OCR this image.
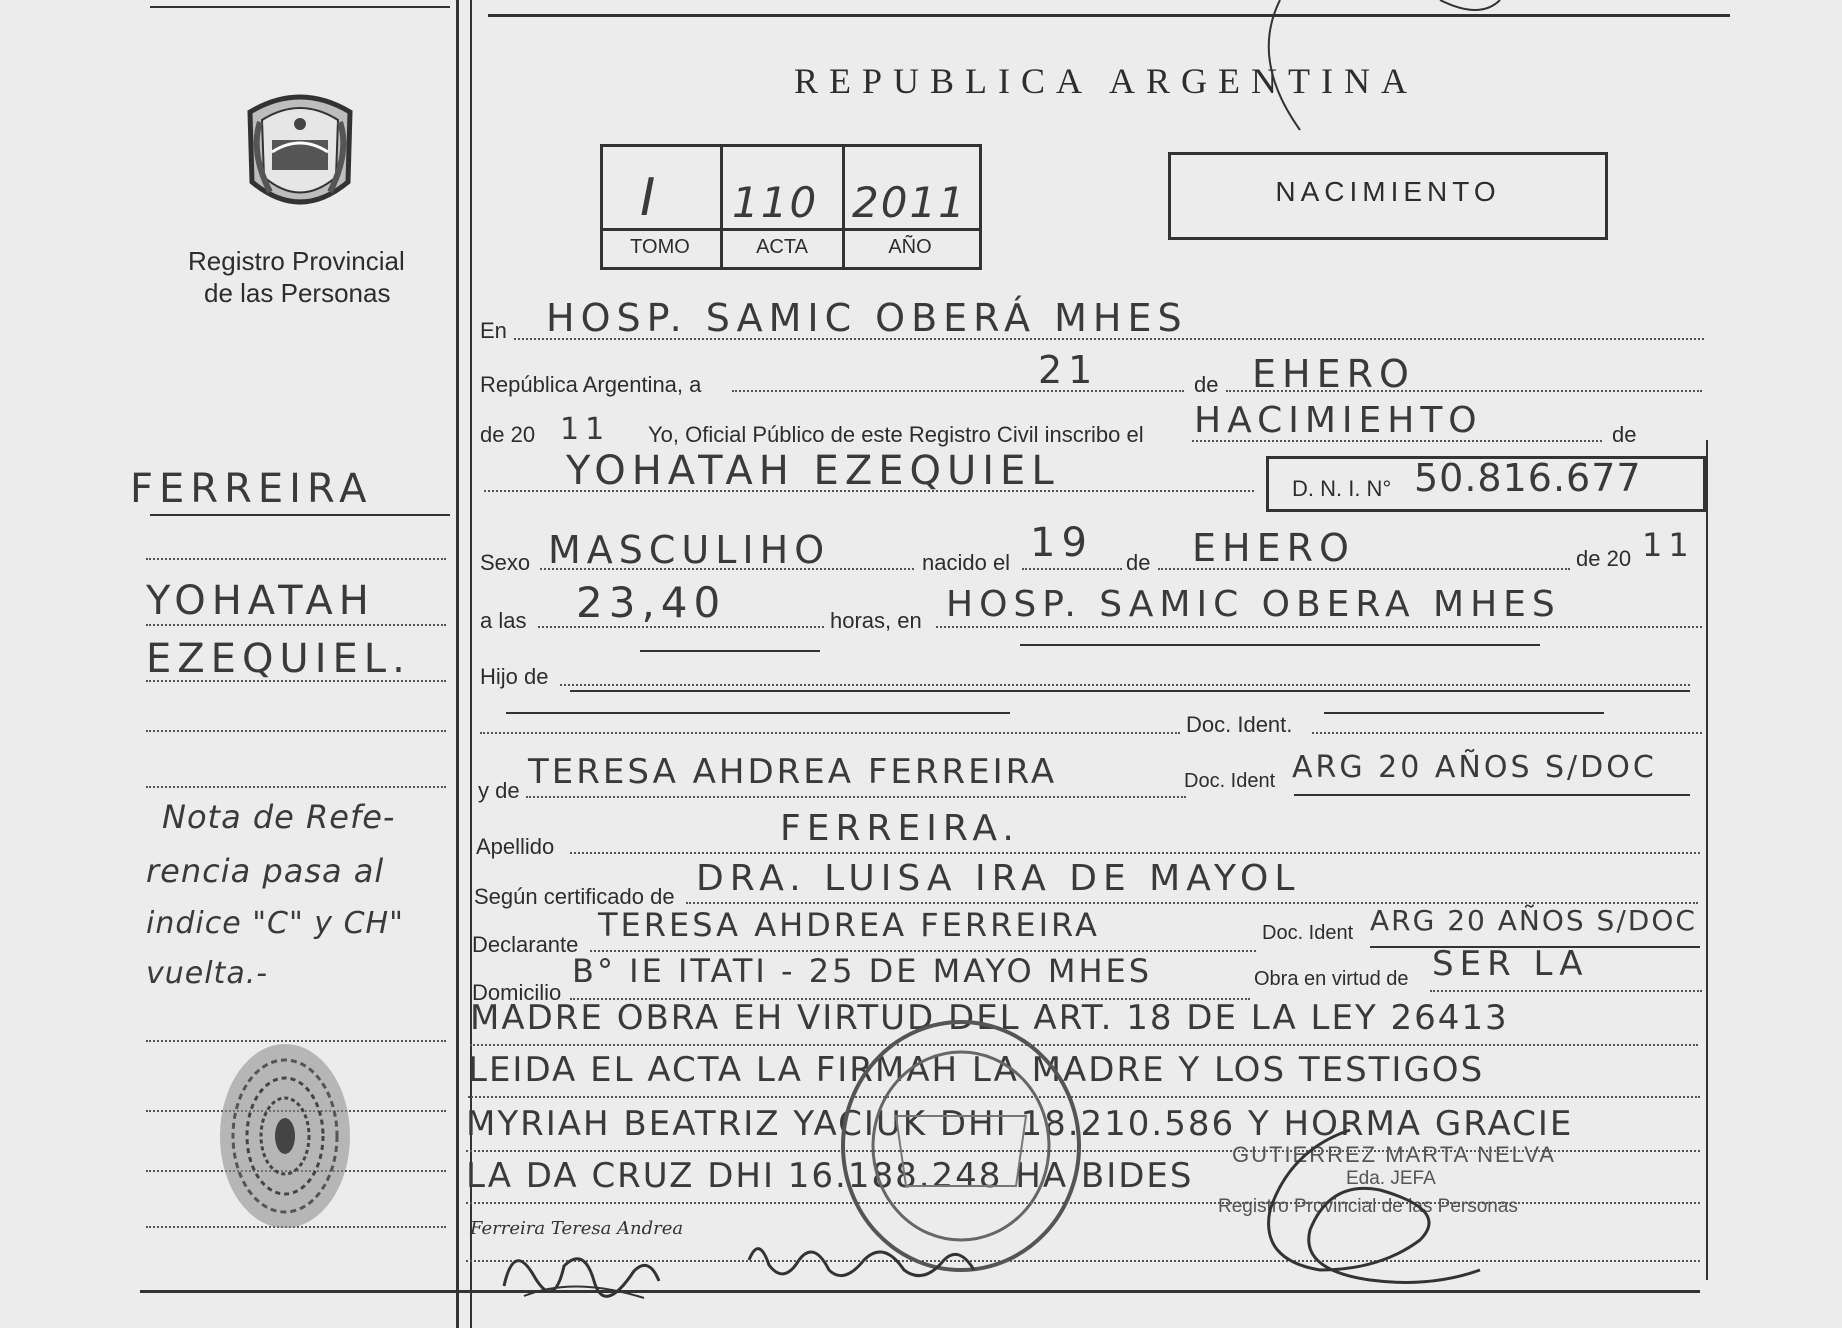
REPUBLICA ARGENTINA
Registro Provincial
de las Personas
I 110 2011
TOMO	ACTA	AÑO
NACIMIENTO
FERREIRA
YOHATAH
EZEQUIEL.
Nota de Refe-
rencia pasa al
indice "C" y CH"
vuelta.-
En HOSP. SAMIC OBERÁ MHES
República Argentina, a	21	de EHERO
de 20 11 Yo, Oficial Público de este Registro Civil inscribo el HACIMIEHTO	de
YOHATAH EZEQUIEL	D. N. I. N° 50.816.677
Sexo MASCULIHO	nacido el 19 de EHERO	de 20 11
a las 23,40	horas, en HOSP. SAMIC OBERA MHES
Hijo de
Doc. Ident.
y de TERESA AHDREA FERREIRA	Doc. Ident ARG 20 AÑOS S/DOC
Apellido	FERREIRA.
Según certificado de DRA. LUISA IRA DE MAYOL
Declarante
TERESA AHDREA FERREIRA	Doc. Ident ARG 20 AÑOS S/DOC
Domicilio
B° IE ITATI - 25 DE MAYO MHES	Obra en virtud de SER LA
MADRE OBRA EH VIRTUD DEL ART. 18 DE LA LEY 26413
LEIDA EL ACTA LA FIRMAH LA MADRE Y LOS TESTIGOS
MYRIAH BEATRIZ YACIUK DHI 18.210.586 Y HORMA GRACIE
LA DA CRUZ DHI 16.188.248 HA BIDES
GUTIERREZ MARTA NELVA
Eda. JEFA
Registro Provincial de las Personas
Ferreira Teresa Andrea
